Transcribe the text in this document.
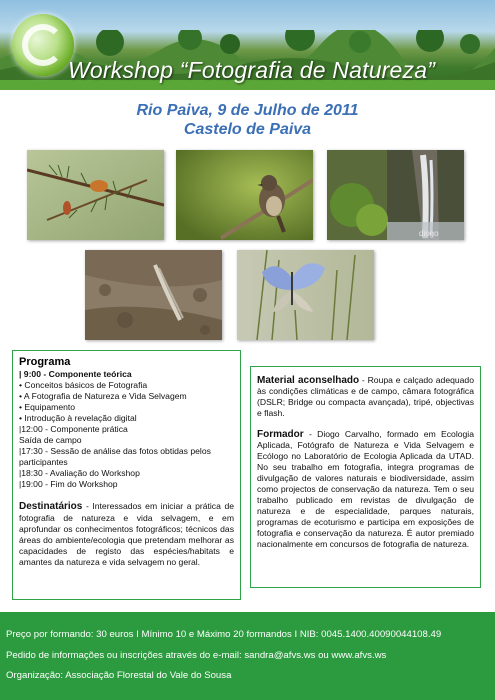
Workshop “Fotografia de Natureza”
Rio Paiva, 9 de Julho de 2011
Castelo de Paiva
diogo
Programa
| 9:00 - Componente teórica
• Conceitos básicos de Fotografia
• A Fotografia de Natureza e Vida Selvagem
• Equipamento
• Introdução à revelação digital
|12:00 - Componente prática
Saída de campo
|17:30 - Sessão de análise das fotos obtidas pelos participantes
|18:30 - Avaliação do Workshop
|19:00 - Fim do Workshop
Destinatários - Interessados em iniciar a prática de fotografia de natureza e vida selvagem, e em aprofundar os conhecimentos fotográficos; técnicos das áreas do ambiente/ecologia que pretendam melhorar as capacidades de registo das espécies/habitats e amantes da natureza e vida selvagem no geral.
Material aconselhado - Roupa e calçado adequado às condições climáticas e de campo, câmara fotográfica (DSLR; Bridge ou compacta avançada), tripé, objectivas e flash.
Formador - Diogo Carvalho, formado em Ecologia Aplicada, Fotógrafo de Natureza e Vida Selvagem e Ecólogo no Laboratório de Ecologia Aplicada da UTAD. No seu trabalho em fotografia, integra programas de divulgação de valores naturais e biodiversidade, assim como projectos de conservação da natureza. Tem o seu trabalho publicado em revistas de divulgação de natureza e de especialidade, parques naturais, programas de ecoturismo e participa em exposições de fotografia e conservação da natureza. É autor premiado nacionalmente em concursos de fotografia de natureza.
Preço por formando: 30 euros I Mínimo 10 e Máximo 20 formandos I NIB: 0045.1400.40090044108.49
Pedido de informações ou inscrições através do e-mail: sandra@afvs.ws ou www.afvs.ws
Organização: Associação Florestal do Vale do Sousa
